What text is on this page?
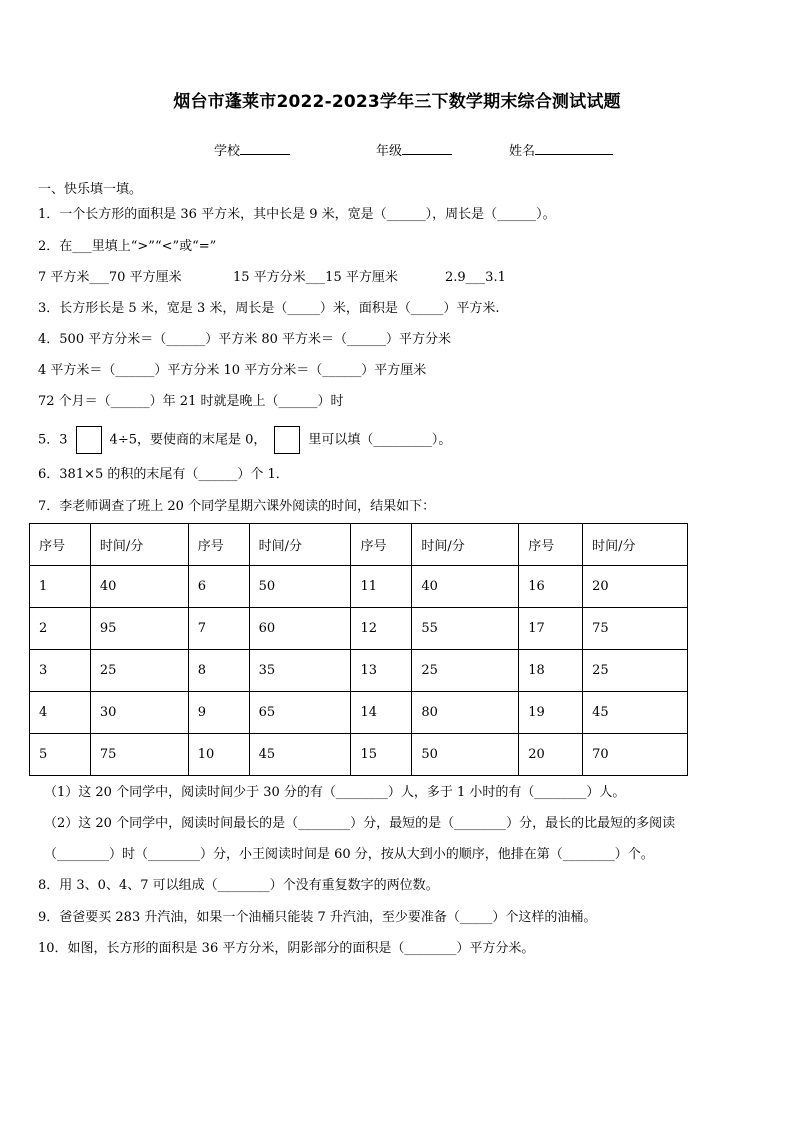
烟台市蓬莱市2022-2023学年三下数学期末综合测试试题
学校	年级	姓名
一、快乐填一填。
1．一个长方形的面积是 36 平方米，其中长是 9 米，宽是（______），周长是（______）。
2．在___里填上“>”“<”或“=”
7 平方米___70 平方厘米	15 平方分米___15 平方厘米	2.9___3.1
3．长方形长是 5 米，宽是 3 米，周长是（_____）米，面积是（_____）平方米.
4．500 平方分米＝（______）平方米 80 平方米＝（______）平方分米
4 平方米＝（______）平方分米 10 平方分米＝（______）平方厘米
72 个月＝（______）年 21 时就是晚上（______）时
5．3	4÷5，要使商的末尾是 0，	里可以填（_________）。
6．381×5 的积的末尾有（______）个 1．
7．李老师调查了班上 20 个同学星期六课外阅读的时间，结果如下：
序号	时间/分	序号	时间/分	序号	时间/分	序号	时间/分
1	40	6	50	11	40	16	20
2	95	7	60	12	55	17	75
3	25	8	35	13	25	18	25
4	30	9	65	14	80	19	45
5	75	10	45	15	50	20	70
（1）这 20 个同学中，阅读时间少于 30 分的有（________）人，多于 1 小时的有（________）人。
（2）这 20 个同学中，阅读时间最长的是（________）分，最短的是（________）分，最长的比最短的多阅读
（________）时（________）分，小王阅读时间是 60 分，按从大到小的顺序，他排在第（________）个。
8．用 3、0、4、7 可以组成（________）个没有重复数字的两位数。
9．爸爸要买 283 升汽油，如果一个油桶只能装 7 升汽油，至少要准备（_____）个这样的油桶。
10．如图，长方形的面积是 36 平方分米，阴影部分的面积是（________）平方分米。
